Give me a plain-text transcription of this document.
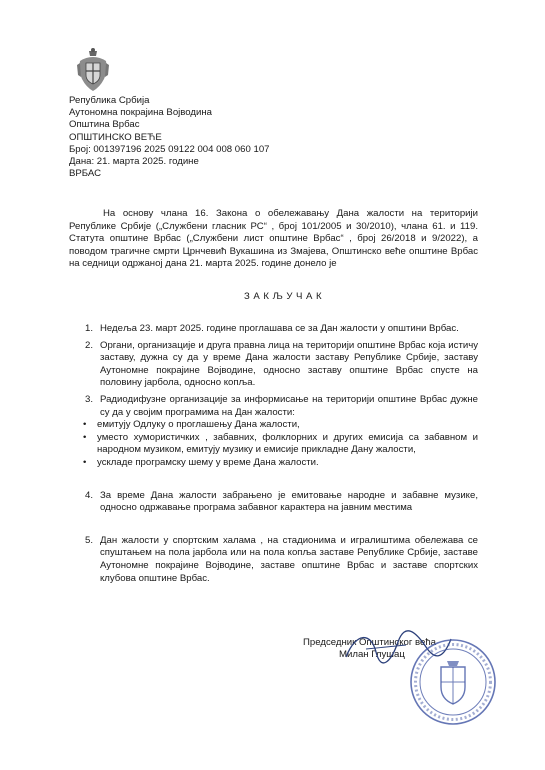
Република Србија
Аутономна покрајина Војводина
Општина Врбас
ОПШТИНСКО ВЕЋЕ
Број: 001397196 2025 09122 004 008 060 107
Дана: 21. марта 2025. године
ВРБАС
На основу члана 16. Закона о обележавању Дана жалости на територији Републике Србије („Службени гласник РС“ , број 101/2005 и 30/2010), члана 61. и 119. Статута општине Врбас („Службени лист општине Врбас“ , број 26/2018 и 9/2022), а поводом трагичне смрти Црнчевић Вукашина из Змајева, Општинско веће општине Врбас на седници одржаној дана 21. марта 2025. године донело је
ЗАКЉУЧАК
1. Недеља 23. март 2025. године проглашава се за Дан жалости у општини Врбас.
2. Органи, организације и друга правна лица на територији општине Врбас која истичу заставу, дужна су да у време Дана жалости заставу Републике Србије, заставу Аутономне покрајине Војводине, односно заставу општине Врбас спусте на половину јарбола, односно копља.
3. Радиодифузне организације за информисање на територији општине Врбас дужне су да у своjим програмима на Дан жалости:
• емитују Одлуку о проглашењу Дана жалости,
• уместо хумористичких , забавних, фолклорних и других емисија са забавном и народном музиком, емитују музику и емисије прикладне Дану жалости,
• ускладе програмску шему у време Дана жалости.
4. За време Дана жалости забрањено је емитовање народне и забавне музике, односно одржавање програма забавног карактера на јавним местима
5. Дан жалости у спортским халама , на стадионима и игралиштима обележава се спуштањем на пола јарбола или на пола копља заставе Републике Србије, заставе Аутономне покрајине Војводине, заставе општине Врбас и заставе спортских клубова општине Врбас.
Председник Општинског већа
Милан Глушац
